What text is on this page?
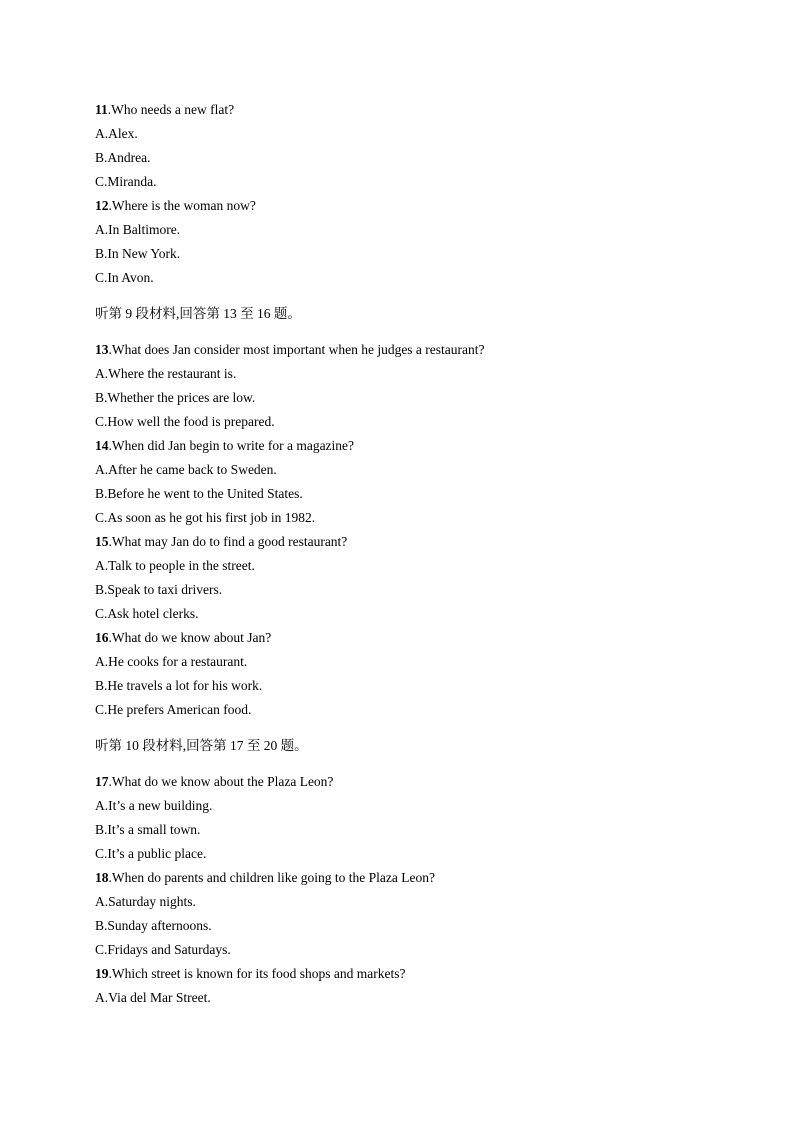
11.Who needs a new flat?
A.Alex.
B.Andrea.
C.Miranda.
12.Where is the woman now?
A.In Baltimore.
B.In New York.
C.In Avon.
听第 9 段材料,回答第 13 至 16 题。
13.What does Jan consider most important when he judges a restaurant?
A.Where the restaurant is.
B.Whether the prices are low.
C.How well the food is prepared.
14.When did Jan begin to write for a magazine?
A.After he came back to Sweden.
B.Before he went to the United States.
C.As soon as he got his first job in 1982.
15.What may Jan do to find a good restaurant?
A.Talk to people in the street.
B.Speak to taxi drivers.
C.Ask hotel clerks.
16.What do we know about Jan?
A.He cooks for a restaurant.
B.He travels a lot for his work.
C.He prefers American food.
听第 10 段材料,回答第 17 至 20 题。
17.What do we know about the Plaza Leon?
A.It’s a new building.
B.It’s a small town.
C.It’s a public place.
18.When do parents and children like going to the Plaza Leon?
A.Saturday nights.
B.Sunday afternoons.
C.Fridays and Saturdays.
19.Which street is known for its food shops and markets?
A.Via del Mar Street.
